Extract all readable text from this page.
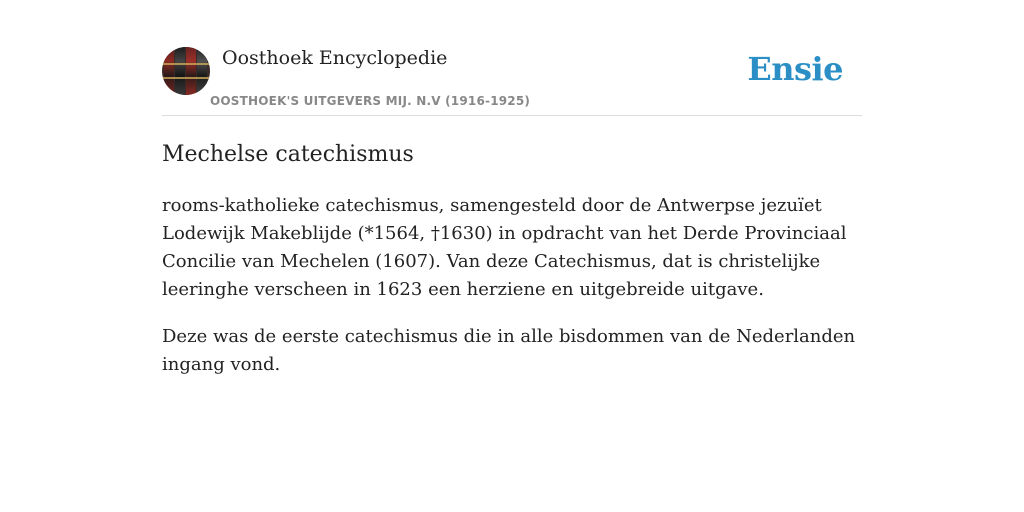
Oosthoek Encyclopedie
OOSTHOEK'S UITGEVERS MIJ. N.V (1916-1925)
Ensie
Mechelse catechismus

rooms-katholieke catechismus, samengesteld door de Antwerpse jezuïet Lodewijk Makeblijde (*1564, †1630) in opdracht van het Derde Provinciaal Concilie van Mechelen (1607). Van deze Catechismus, dat is christelijke leeringhe verscheen in 1623 een herziene en uitgebreide uitgave.

Deze was de eerste catechismus die in alle bisdommen van de Nederlanden ingang vond.
